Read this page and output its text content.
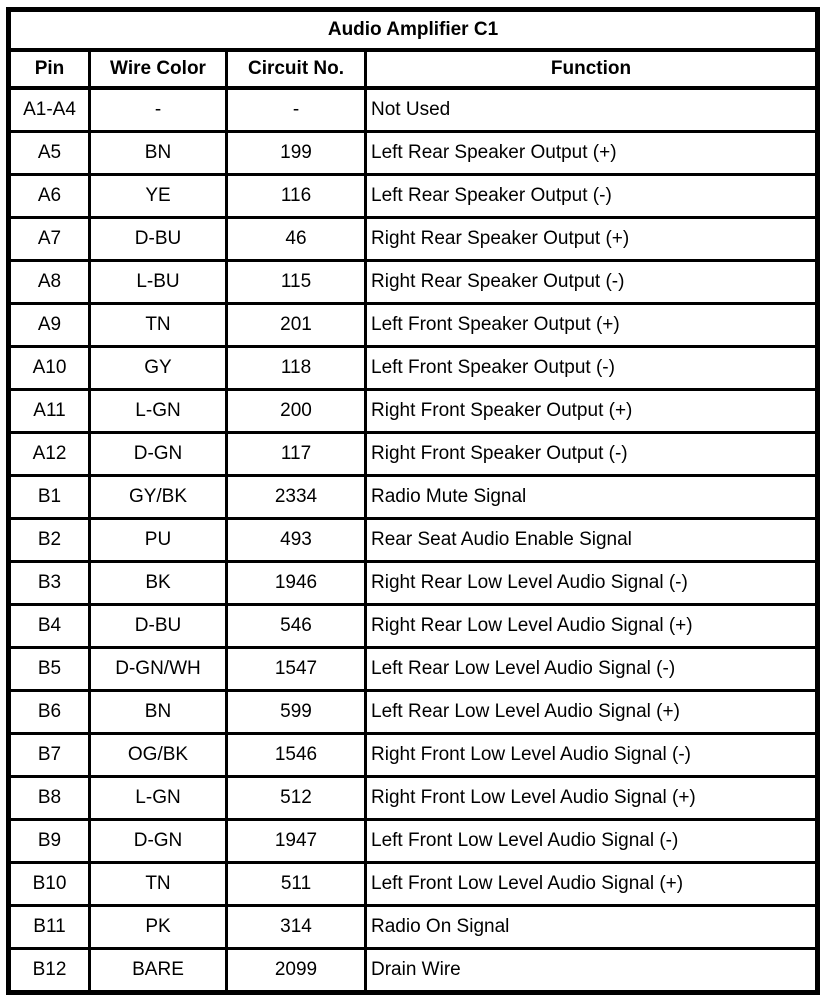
Audio Amplifier C1			
Pin	Wire Color	Circuit No.	Function
A1-A4	-	-	Not Used
A5	BN	199	Left Rear Speaker Output (+)
A6	YE	116	Left Rear Speaker Output (-)
A7	D-BU	46	Right Rear Speaker Output (+)
A8	L-BU	115	Right Rear Speaker Output (-)
A9	TN	201	Left Front Speaker Output (+)
A10	GY	118	Left Front Speaker Output (-)
A11	L-GN	200	Right Front Speaker Output (+)
A12	D-GN	117	Right Front Speaker Output (-)
B1	GY/BK	2334	Radio Mute Signal
B2	PU	493	Rear Seat Audio Enable Signal
B3	BK	1946	Right Rear Low Level Audio Signal (-)
B4	D-BU	546	Right Rear Low Level Audio Signal (+)
B5	D-GN/WH	1547	Left Rear Low Level Audio Signal (-)
B6	BN	599	Left Rear Low Level Audio Signal (+)
B7	OG/BK	1546	Right Front Low Level Audio Signal (-)
B8	L-GN	512	Right Front Low Level Audio Signal (+)
B9	D-GN	1947	Left Front Low Level Audio Signal (-)
B10	TN	511	Left Front Low Level Audio Signal (+)
B11	PK	314	Radio On Signal
B12	BARE	2099	Drain Wire
